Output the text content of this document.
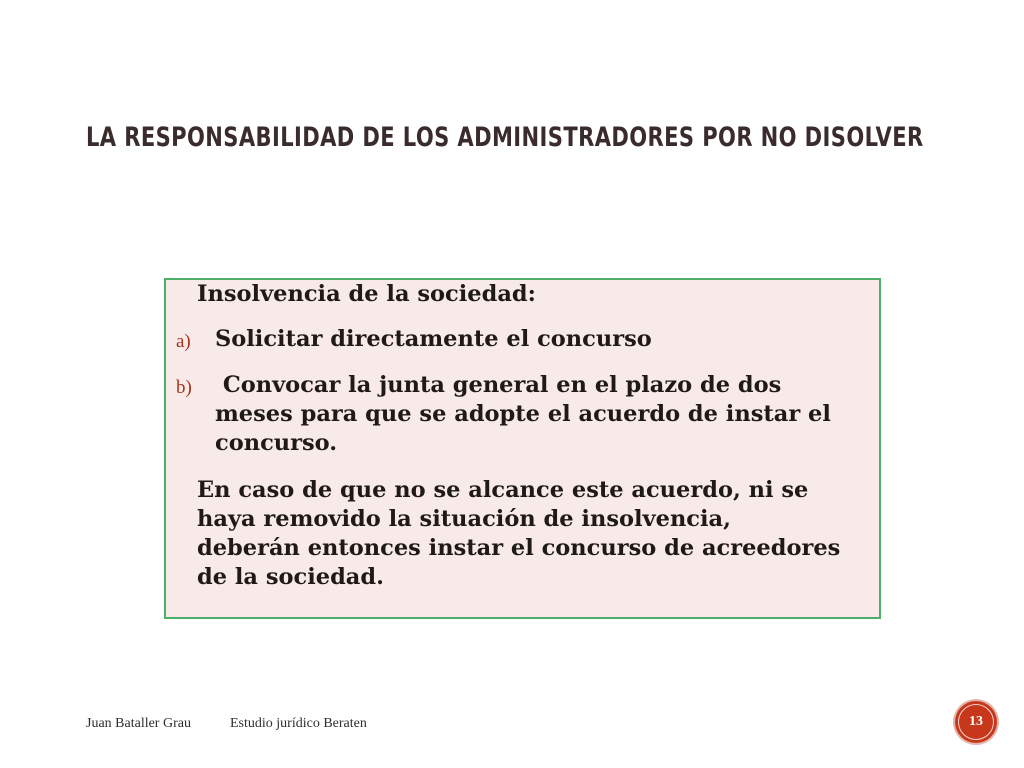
LA RESPONSABILIDAD DE LOS ADMINISTRADORES POR NO DISOLVER
Insolvencia de la sociedad:
a) Solicitar directamente el concurso
b) Convocar la junta general en el plazo de dos
meses para que se adopte el acuerdo de instar el
concurso.
En caso de que no se alcance este acuerdo, ni se
haya removido la situación de insolvencia,
deberán entonces instar el concurso de acreedores
de la sociedad.
Juan Bataller Grau	Estudio jurídico Beraten	13
